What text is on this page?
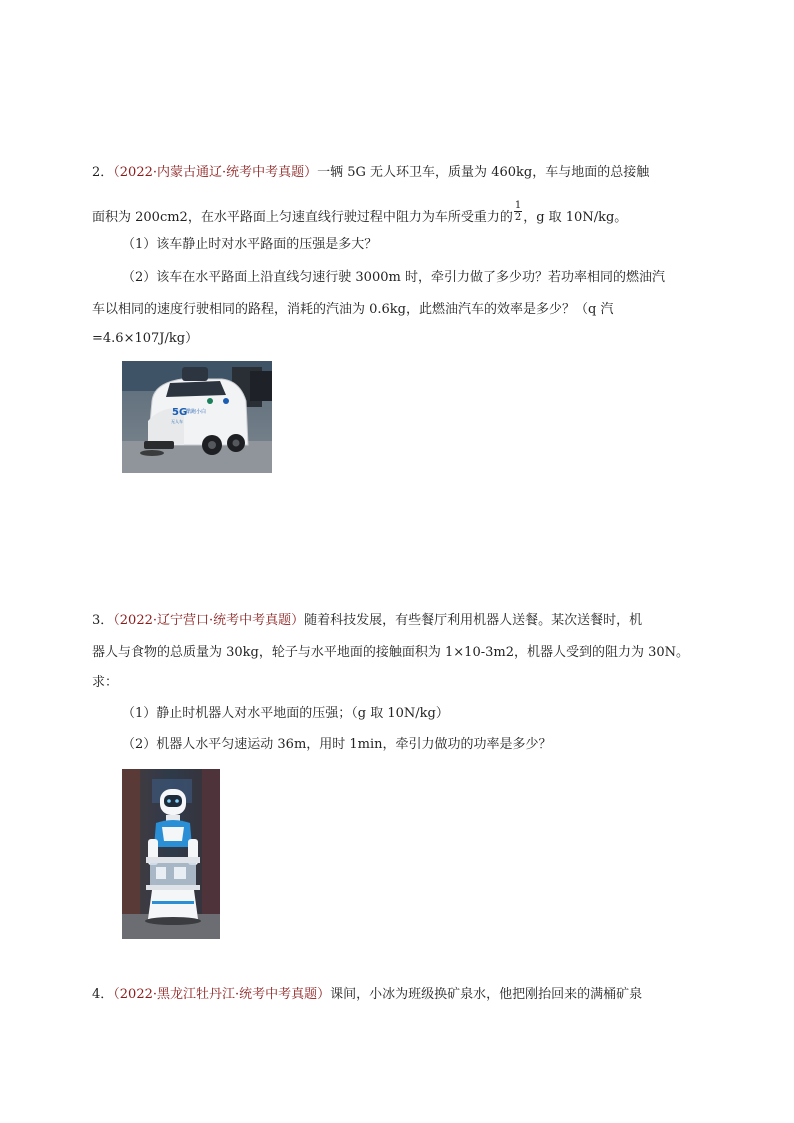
2．（2022·内蒙古通辽·统考中考真题）一辆 5G 无人环卫车，质量为 460kg，车与地面的总接触
面积为 200cm2，在水平路面上匀速直线行驶过程中阻力为车所受重力的 $\frac{1}{2}$ ，g 取 10N/kg。
（1）该车静止时对水平路面的压强是多大？
（2）该车在水平路面上沿直线匀速行驶 3000m 时，牵引力做了多少功？若功率相同的燃油汽
车以相同的速度行驶相同的路程，消耗的汽油为 0.6kg，此燃油汽车的效率是多少？（q 汽
=4.6×107J/kg）
5G
无人车
酷跑小白
3．（2022·辽宁营口·统考中考真题）随着科技发展，有些餐厅利用机器人送餐。某次送餐时，机
器人与食物的总质量为 30kg，轮子与水平地面的接触面积为 1×10-3m2，机器人受到的阻力为 30N。
求：
（1）静止时机器人对水平地面的压强；（g 取 10N/kg）
（2）机器人水平匀速运动 36m，用时 1min，牵引力做功的功率是多少？
4．（2022·黑龙江牡丹江·统考中考真题）课间，小冰为班级换矿泉水，他把刚抬回来的满桶矿泉
